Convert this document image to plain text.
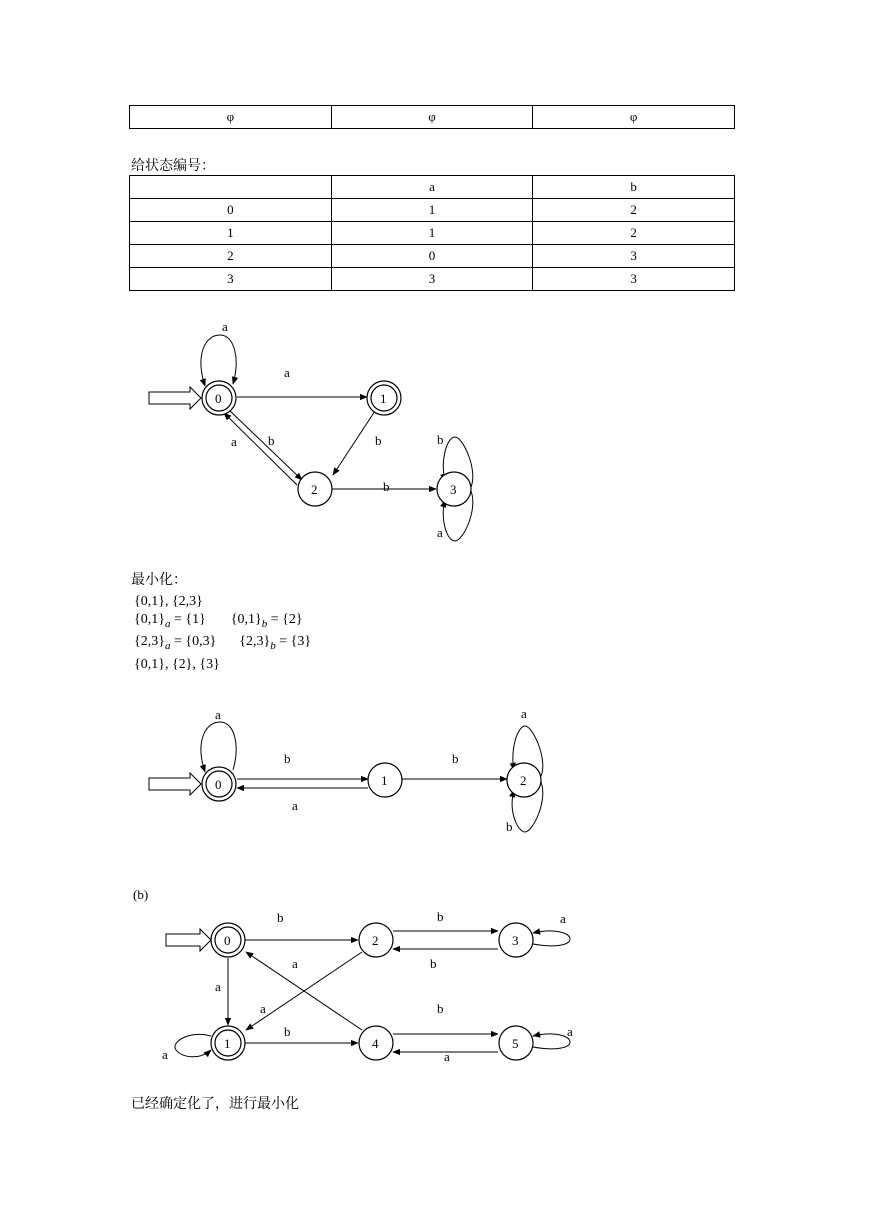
φ	φ	φ
给状态编号：
	a	b
0	1	2
1	1	2
2	0	3
3	3	3
a
a
b
a	b
b
b
a
0	1
2	3
最小化：
{0,1}, {2,3}
$\{0,1\}_a = \{1\} \{0,1\}_b = \{2\}$
$\{2,3\}_a = \{0,3\} \{2,3\}_b = \{3\}$
{0,1}, {2}, {3}
a
b
a
b
a
b
0	1	2
(b)
b
a
a
a
a
b
b
b
a
b
a
a
0
1
2	3
4	5
已经确定化了，进行最小化
